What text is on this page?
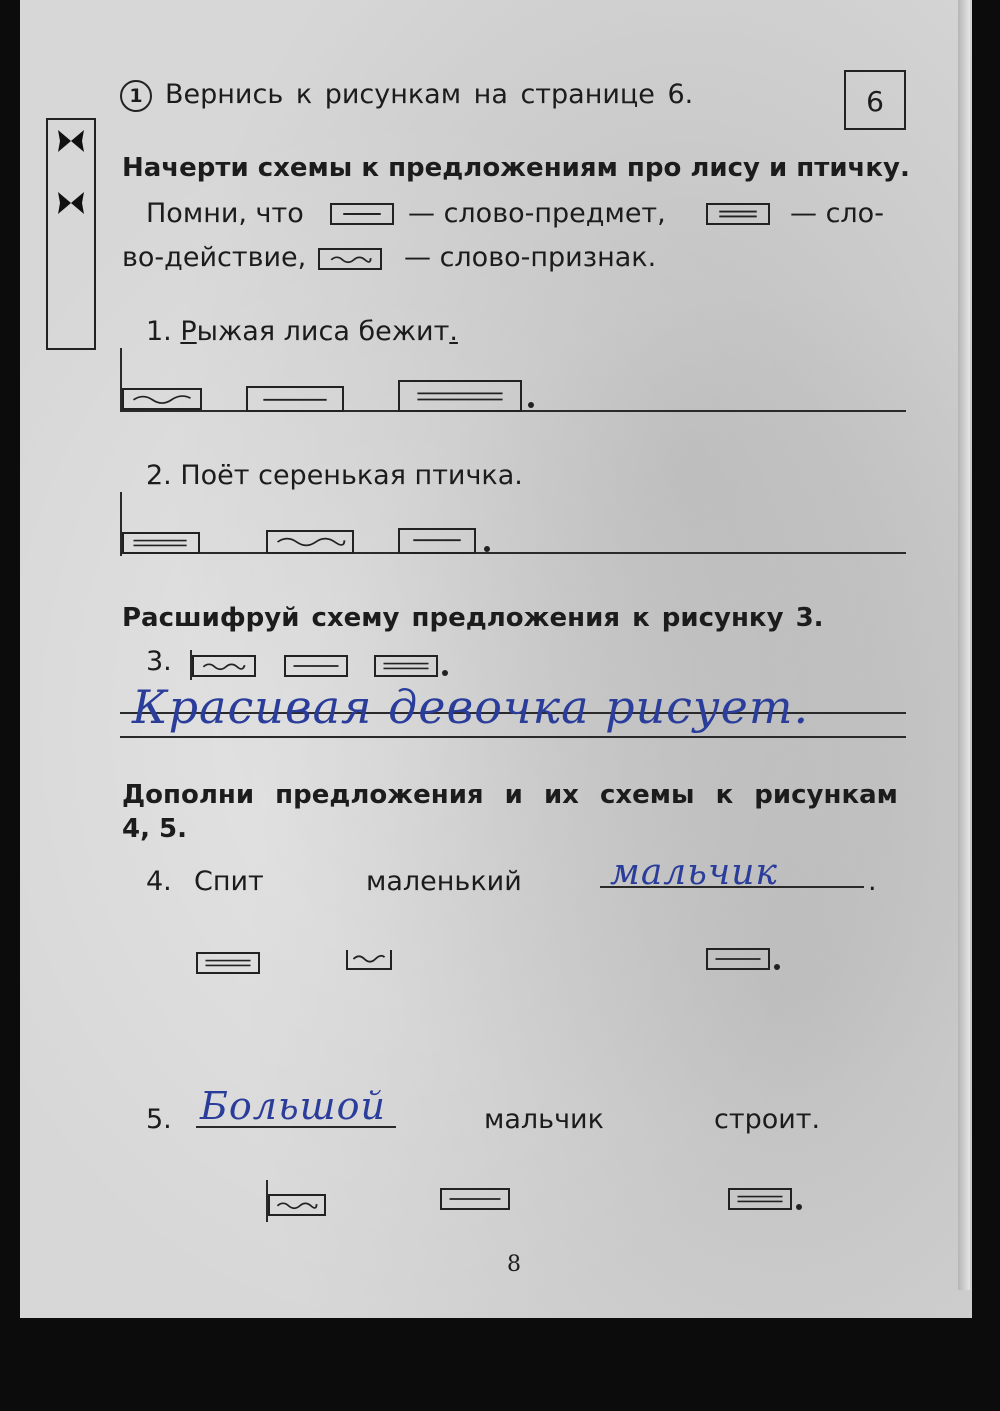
1 Вернись к рисункам на странице 6.	6
Начерти схемы к предложениям про лису и птичку.
Помни, что	— слово-предмет,	— сло-
во-действие,	— слово-признак.
1. Рыжая лиса бежит.
2. Поёт серенькая птичка.
Расшифруй схему предложения к рисунку 3.
3.
Красивая девочка рисует.
Дополни предложения и их схемы к рисункам
4, 5.
4. Спит	маленький мальчик	.
5. Большой	мальчик	строит.
8
